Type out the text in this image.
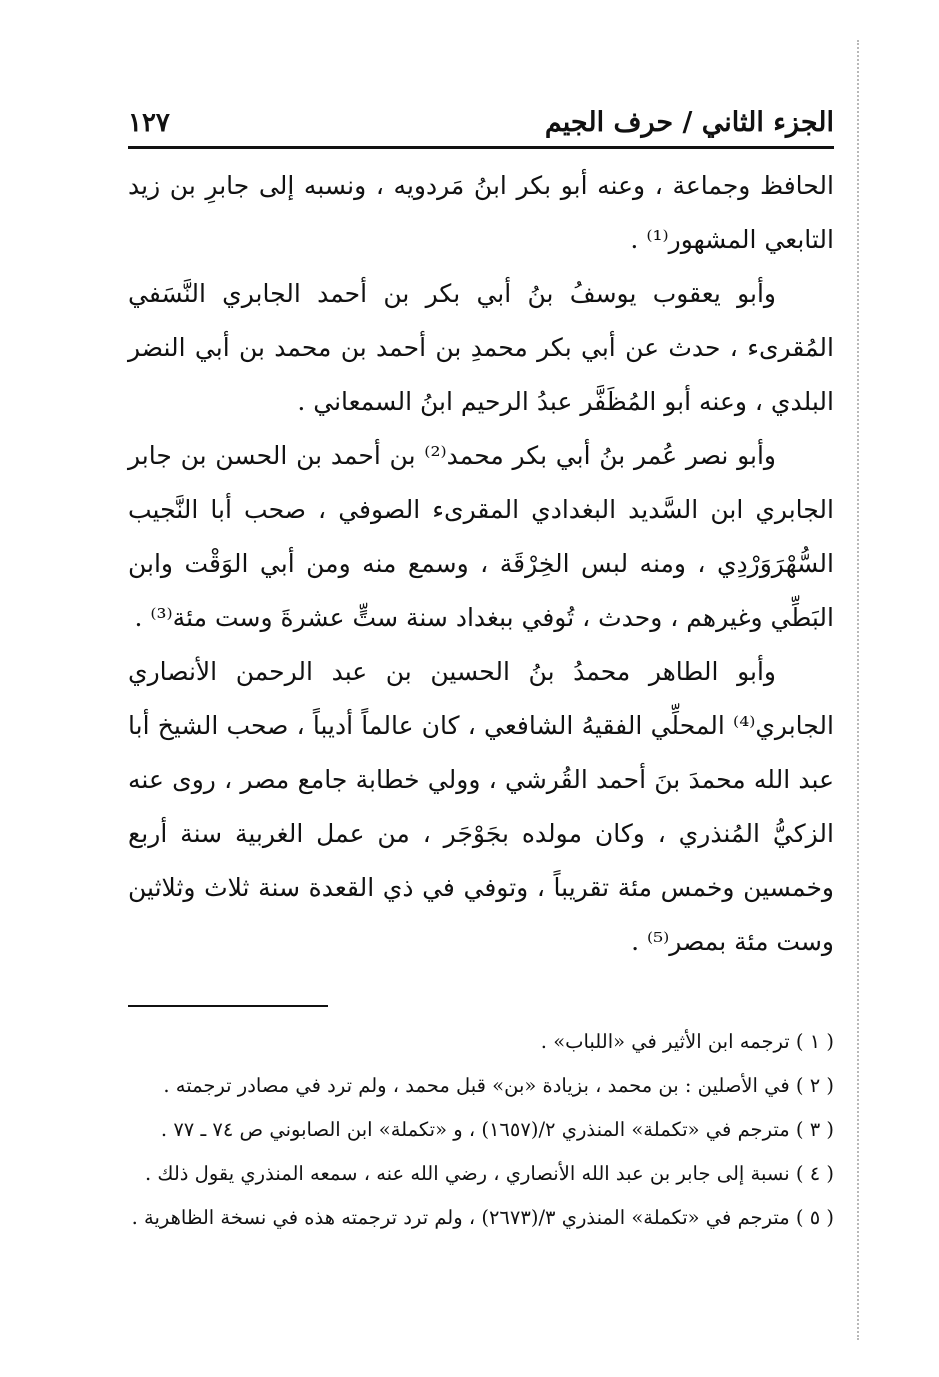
الجزء الثاني / حرف الجيم
١٢٧

الحافظ وجماعة ، وعنه أبو بكر ابنُ مَردويه ، ونسبه إلى جابرِ بن زيد التابعي المشهور⁽¹⁾ .

وأبو يعقوب يوسفُ بنُ أبي بكر بن أحمد الجابري النَّسَفي المُقرىء ، حدث عن أبي بكر محمدِ بن أحمد بن محمد بن أبي النضر البلدي ، وعنه أبو المُظَفَّر عبدُ الرحيم ابنُ السمعاني .

وأبو نصر عُمر بنُ أبي بكر محمد⁽²⁾ بن أحمد بن الحسن بن جابر الجابري ابن السَّديد البغدادي المقرىء الصوفي ، صحب أبا النَّجيب السُّهْرَوَرْدِي ، ومنه لبس الخِرْقَة ، وسمع منه ومن أبي الوَقْت وابن البَطِّي وغيرهم ، وحدث ، تُوفي ببغداد سنة ستٍّ عشرةَ وست مئة⁽³⁾ .

وأبو الطاهر محمدُ بنُ الحسين بن عبد الرحمن الأنصاري الجابري⁽⁴⁾ المحلِّي الفقيهُ الشافعي ، كان عالماً أديباً ، صحب الشيخ أبا عبد الله محمدَ بنَ أحمد القُرشي ، وولي خطابة جامع مصر ، روى عنه الزكيُّ المُنذري ، وكان مولده بجَوْجَر ، من عمل الغربية سنة أربع وخمسين وخمس مئة تقريباً ، وتوفي في ذي القعدة سنة ثلاث وثلاثين وست مئة بمصر⁽⁵⁾ .

( ١ ) ترجمه ابن الأثير في «اللباب» .

( ٢ ) في الأصلين : بن محمد ، بزيادة «بن» قبل محمد ، ولم ترد في مصادر ترجمته .

( ٣ ) مترجم في «تكملة» المنذري ٢/(١٦٥٧) ، و «تكملة» ابن الصابوني ص ٧٤ ـ ٧٧ .

( ٤ ) نسبة إلى جابر بن عبد الله الأنصاري ، رضي الله عنه ، سمعه المنذري يقول ذلك .

( ٥ ) مترجم في «تكملة» المنذري ٣/(٢٦٧٣) ، ولم ترد ترجمته هذه في نسخة الظاهرية .
